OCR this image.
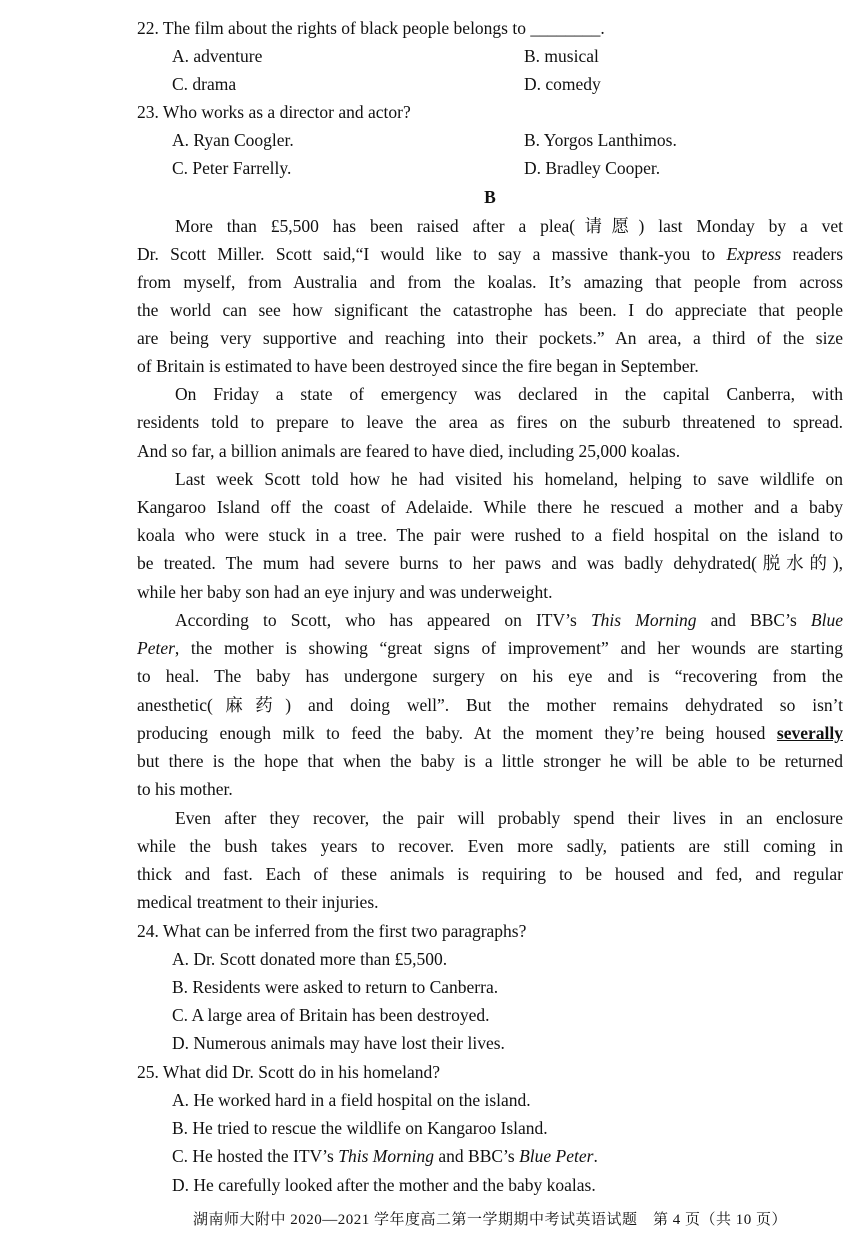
22. The film about the rights of black people belongs to ________.
A. adventure	B. musical
C. drama	D. comedy
23. Who works as a director and actor?
A. Ryan Coogler.	B. Yorgos Lanthimos.
C. Peter Farrelly.	D. Bradley Cooper.
B
More than £5,500 has been raised after a plea(请愿) last Monday by a vet
Dr. Scott Miller. Scott said,“I would like to say a massive thank-you to Express readers
from myself, from Australia and from the koalas. It’s amazing that people from across
the world can see how significant the catastrophe has been. I do appreciate that people
are being very supportive and reaching into their pockets.” An area, a third of the size
of Britain is estimated to have been destroyed since the fire began in September.
On Friday a state of emergency was declared in the capital Canberra, with
residents told to prepare to leave the area as fires on the suburb threatened to spread.
And so far, a billion animals are feared to have died, including 25,000 koalas.
Last week Scott told how he had visited his homeland, helping to save wildlife on
Kangaroo Island off the coast of Adelaide. While there he rescued a mother and a baby
koala who were stuck in a tree. The pair were rushed to a field hospital on the island to
be treated. The mum had severe burns to her paws and was badly dehydrated(脱水的),
while her baby son had an eye injury and was underweight.
According to Scott, who has appeared on ITV’s This Morning and BBC’s Blue
Peter, the mother is showing “great signs of improvement” and her wounds are starting
to heal. The baby has undergone surgery on his eye and is “recovering from the
anesthetic(麻药) and doing well”. But the mother remains dehydrated so isn’t
producing enough milk to feed the baby. At the moment they’re being housed severally
but there is the hope that when the baby is a little stronger he will be able to be returned
to his mother.
Even after they recover, the pair will probably spend their lives in an enclosure
while the bush takes years to recover. Even more sadly, patients are still coming in
thick and fast. Each of these animals is requiring to be housed and fed, and regular
medical treatment to their injuries.
24. What can be inferred from the first two paragraphs?
A. Dr. Scott donated more than £5,500.
B. Residents were asked to return to Canberra.
C. A large area of Britain has been destroyed.
D. Numerous animals may have lost their lives.
25. What did Dr. Scott do in his homeland?
A. He worked hard in a field hospital on the island.
B. He tried to rescue the wildlife on Kangaroo Island.
C. He hosted the ITV’s This Morning and BBC’s Blue Peter.
D. He carefully looked after the mother and the baby koalas.
湖南师大附中 2020—2021 学年度高二第一学期期中考试英语试题　第 4 页（共 10 页）
